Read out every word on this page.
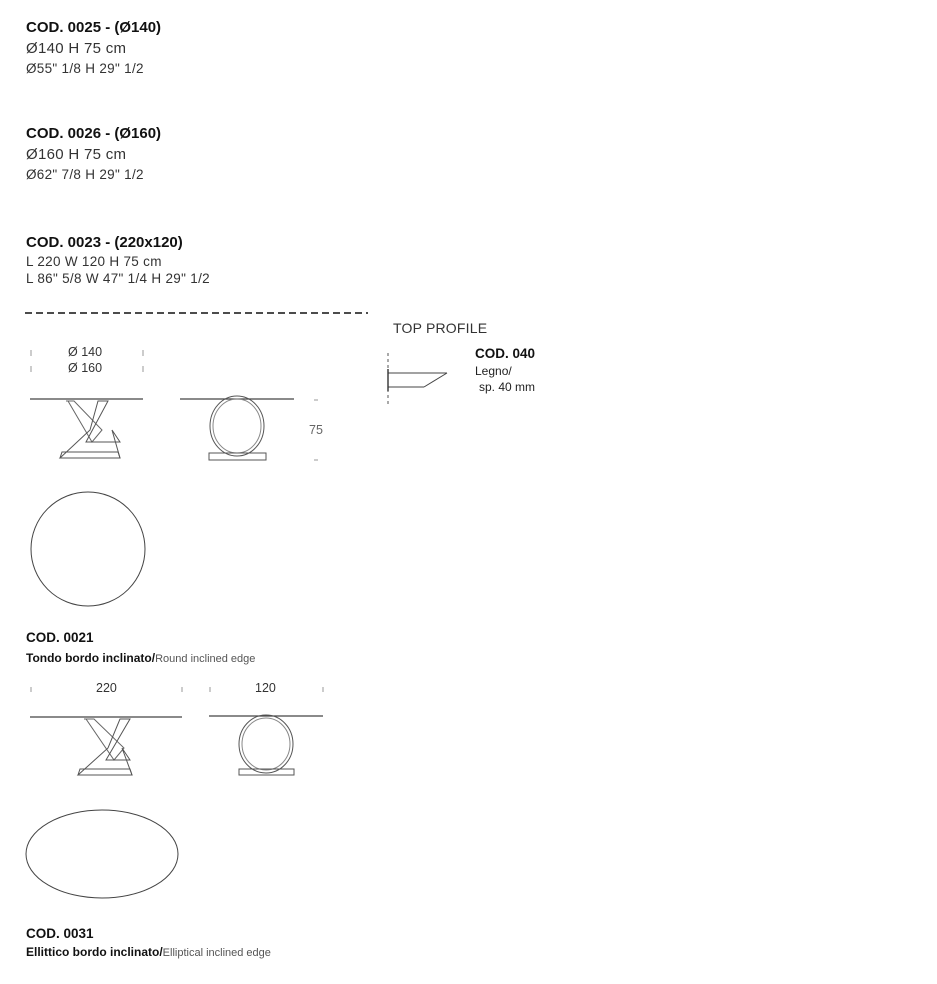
COD. 0025 - (Ø140)
Ø140 H 75 cm
Ø55" 1/8 H 29" 1/2
COD. 0026 - (Ø160)
Ø160 H 75 cm
Ø62" 7/8 H 29" 1/2
COD. 0023 - (220x120)
L 220 W 120 H 75 cm
L 86" 5/8 W 47" 1/4 H 29" 1/2
Ø 140
Ø 160
75
TOP PROFILE
COD. 040
Legno/
sp. 40 mm
COD. 0021
Tondo bordo inclinato/Round inclined edge
220	120
COD. 0031
Ellittico bordo inclinato/Elliptical inclined edge
